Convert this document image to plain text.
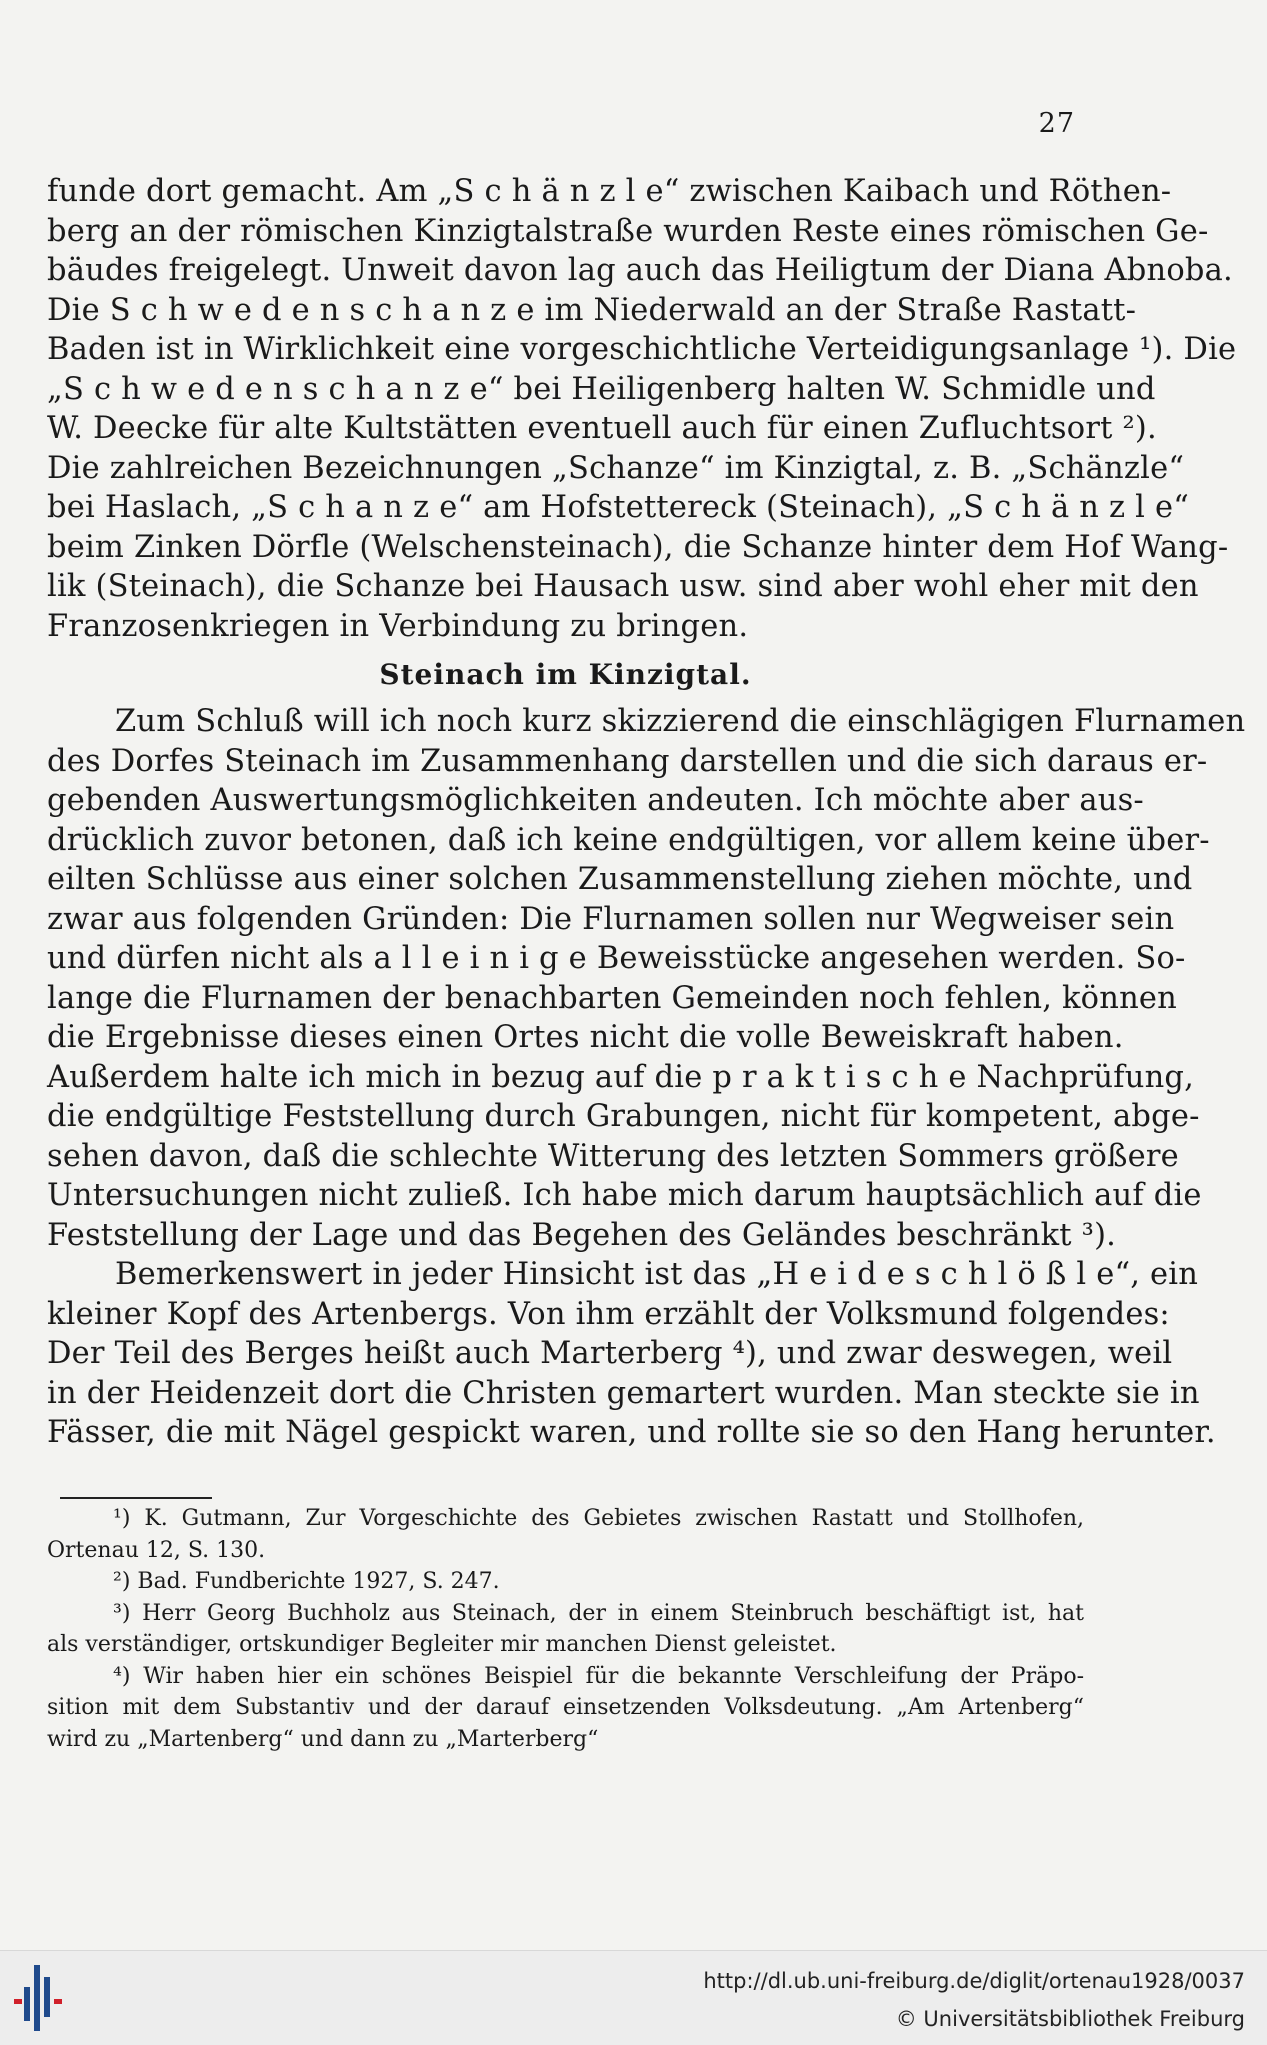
27
funde dort gemacht. Am „S c h ä n z l e“ zwischen Kaibach und Röthen-
berg an der römischen Kinzigtalstraße wurden Reste eines römischen Ge-
bäudes freigelegt. Unweit davon lag auch das Heiligtum der Diana Abnoba.
Die S c h w e d e n s c h a n z e im Niederwald an der Straße Rastatt-
Baden ist in Wirklichkeit eine vorgeschichtliche Verteidigungsanlage ¹). Die
„S c h w e d e n s c h a n z e“ bei Heiligenberg halten W. Schmidle und
W. Deecke für alte Kultstätten eventuell auch für einen Zufluchtsort ²).
Die zahlreichen Bezeichnungen „Schanze“ im Kinzigtal, z. B. „Schänzle“
bei Haslach, „S c h a n z e“ am Hofstettereck (Steinach), „S c h ä n z l e“
beim Zinken Dörfle (Welschensteinach), die Schanze hinter dem Hof Wang-
lik (Steinach), die Schanze bei Hausach usw. sind aber wohl eher mit den
Franzosenkriegen in Verbindung zu bringen.
Steinach im Kinzigtal.
Zum Schluß will ich noch kurz skizzierend die einschlägigen Flurnamen
des Dorfes Steinach im Zusammenhang darstellen und die sich daraus er-
gebenden Auswertungsmöglichkeiten andeuten. Ich möchte aber aus-
drücklich zuvor betonen, daß ich keine endgültigen, vor allem keine über-
eilten Schlüsse aus einer solchen Zusammenstellung ziehen möchte, und
zwar aus folgenden Gründen: Die Flurnamen sollen nur Wegweiser sein
und dürfen nicht als a l l e i n i g e Beweisstücke angesehen werden. So-
lange die Flurnamen der benachbarten Gemeinden noch fehlen, können
die Ergebnisse dieses einen Ortes nicht die volle Beweiskraft haben.
Außerdem halte ich mich in bezug auf die p r a k t i s c h e Nachprüfung,
die endgültige Feststellung durch Grabungen, nicht für kompetent, abge-
sehen davon, daß die schlechte Witterung des letzten Sommers größere
Untersuchungen nicht zuließ. Ich habe mich darum hauptsächlich auf die
Feststellung der Lage und das Begehen des Geländes beschränkt ³).
Bemerkenswert in jeder Hinsicht ist das „H e i d e s c h l ö ß l e“, ein
kleiner Kopf des Artenbergs. Von ihm erzählt der Volksmund folgendes:
Der Teil des Berges heißt auch Marterberg ⁴), und zwar deswegen, weil
in der Heidenzeit dort die Christen gemartert wurden. Man steckte sie in
Fässer, die mit Nägel gespickt waren, und rollte sie so den Hang herunter.
¹) K. Gutmann, Zur Vorgeschichte des Gebietes zwischen Rastatt und Stollhofen,
Ortenau 12, S. 130.
²) Bad. Fundberichte 1927, S. 247.
³) Herr Georg Buchholz aus Steinach, der in einem Steinbruch beschäftigt ist, hat
als verständiger, ortskundiger Begleiter mir manchen Dienst geleistet.
⁴) Wir haben hier ein schönes Beispiel für die bekannte Verschleifung der Präpo-
sition mit dem Substantiv und der darauf einsetzenden Volksdeutung. „Am Artenberg“
wird zu „Martenberg“ und dann zu „Marterberg“
http://dl.ub.uni-freiburg.de/diglit/ortenau1928/0037
© Universitätsbibliothek Freiburg
